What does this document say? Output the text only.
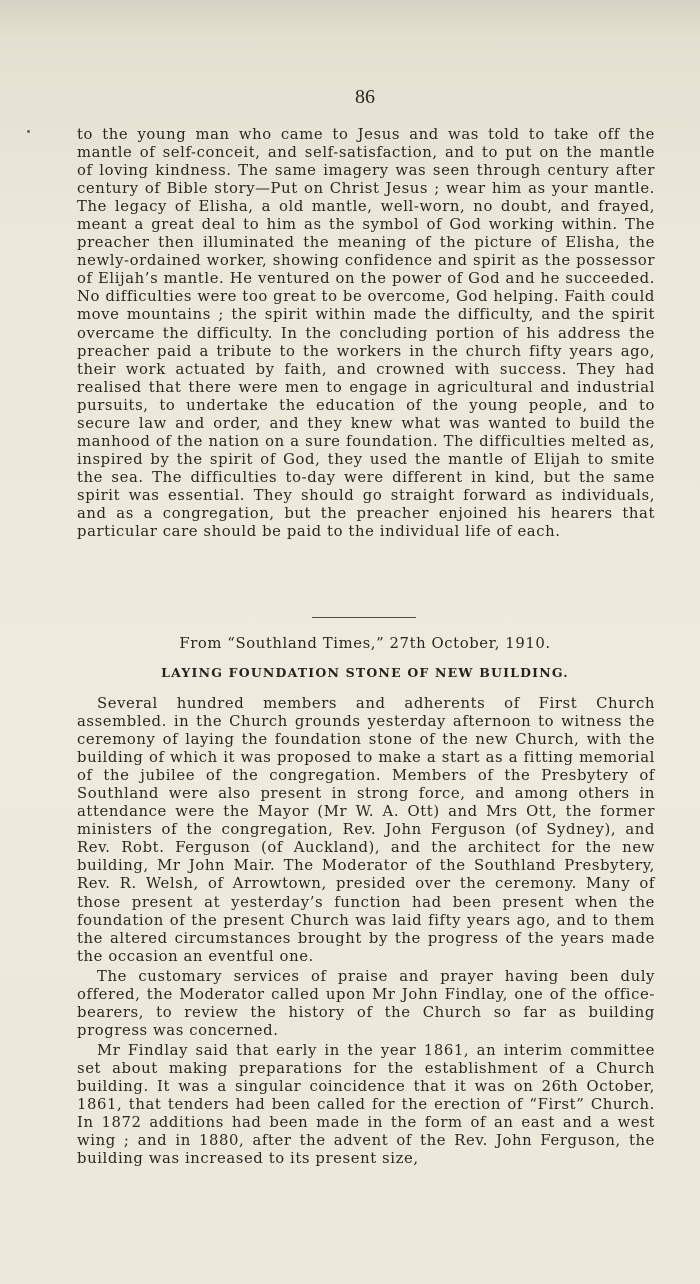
86

to the young man who came to Jesus and was told to take off the mantle of self-conceit, and self-satisfaction, and to put on the mantle of loving kindness. The same imagery was seen through century after century of Bible story—Put on Christ Jesus ; wear him as your mantle. The legacy of Elisha, a old mantle, well-worn, no doubt, and frayed, meant a great deal to him as the symbol of God working within. The preacher then illuminated the meaning of the picture of Elisha, the newly-ordained worker, showing confidence and spirit as the possessor of Elijah’s mantle. He ventured on the power of God and he succeeded. No difficulties were too great to be overcome, God helping. Faith could move mountains ; the spirit within made the difficulty, and the spirit overcame the difficulty. In the concluding portion of his address the preacher paid a tribute to the workers in the church fifty years ago, their work actuated by faith, and crowned with success. They had realised that there were men to engage in agricultural and industrial pursuits, to undertake the education of the young people, and to secure law and order, and they knew what was wanted to build the manhood of the nation on a sure foundation. The difficulties melted as, inspired by the spirit of God, they used the mantle of Elijah to smite the sea. The difficulties to-day were different in kind, but the same spirit was essential. They should go straight forward as individuals, and as a congregation, but the preacher enjoined his hearers that particular care should be paid to the individual life of each.

From “Southland Times,” 27th October, 1910.
LAYING FOUNDATION STONE OF NEW BUILDING.

Several hundred members and adherents of First Church assembled. in the Church grounds yesterday afternoon to witness the ceremony of laying the foundation stone of the new Church, with the building of which it was proposed to make a start as a fitting memorial of the jubilee of the congregation. Members of the Presbytery of Southland were also present in strong force, and among others in attendance were the Mayor (Mr W. A. Ott) and Mrs Ott, the former ministers of the congregation, Rev. John Ferguson (of Sydney), and Rev. Robt. Ferguson (of Auckland), and the architect for the new building, Mr John Mair. The Moderator of the Southland Presbytery, Rev. R. Welsh, of Arrowtown, presided over the ceremony. Many of those present at yesterday’s function had been present when the foundation of the present Church was laid fifty years ago, and to them the altered circumstances brought by the progress of the years made the occasion an eventful one.

The customary services of praise and prayer having been duly offered, the Moderator called upon Mr John Findlay, one of the office-bearers, to review the history of the Church so far as building progress was concerned.

Mr Findlay said that early in the year 1861, an interim committee set about making preparations for the establishment of a Church building. It was a singular coincidence that it was on 26th October, 1861, that tenders had been called for the erection of “First” Church. In 1872 additions had been made in the form of an east and a west wing ; and in 1880, after the advent of the Rev. John Ferguson, the building was increased to its present size,
